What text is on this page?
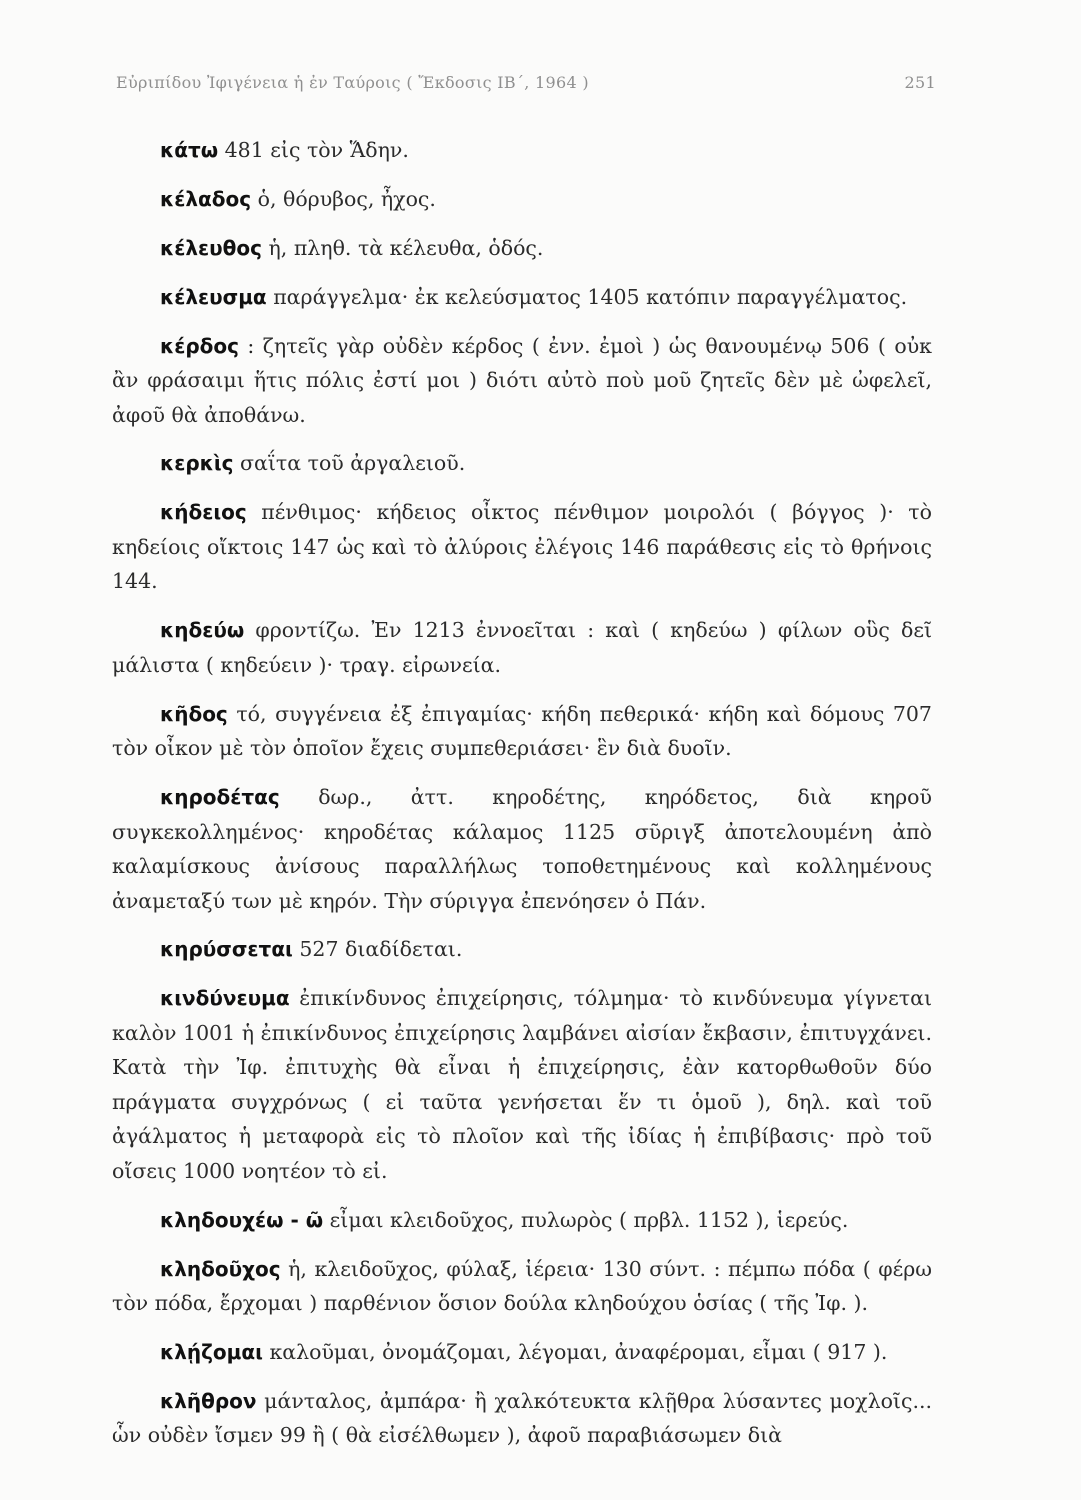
Εὐριπίδου Ἰφιγένεια ἡ ἐν Ταύροις ( Ἔκδοσις ΙΒ΄, 1964 )	251

κάτω 481 εἰς τὸν Ἅδην.

κέλαδος ὁ, θόρυβος, ἦχος.

κέλευθος ἡ, πληθ. τὰ κέλευθα, ὁδός.

κέλευσμα παράγγελμα· ἐκ κελεύσματος 1405 κατόπιν παραγγέλματος.

κέρδος : ζητεῖς γὰρ οὐδὲν κέρδος ( ἐνν. ἐμοὶ ) ὡς θανουμένῳ 506 ( οὐκ ἂν φράσαιμι ἥτις πόλις ἐστί μοι ) διότι αὐτὸ ποὺ μοῦ ζητεῖς δὲν μὲ ὠφελεῖ, ἀφοῦ θὰ ἀποθάνω.

κερκὶς σαΐτα τοῦ ἀργαλειοῦ.

κήδειος πένθιμος· κήδειος οἶκτος πένθιμον μοιρολόι ( βόγγος )· τὸ κηδείοις οἴκτοις 147 ὡς καὶ τὸ ἀλύροις ἐλέγοις 146 παράθεσις εἰς τὸ θρήνοις 144.

κηδεύω φροντίζω. Ἐν 1213 ἐννοεῖται : καὶ ( κηδεύω ) φίλων οὓς δεῖ μάλιστα ( κηδεύειν )· τραγ. εἰρωνεία.

κῆδος τό, συγγένεια ἐξ ἐπιγαμίας· κήδη πεθερικά· κήδη καὶ δόμους 707 τὸν οἶκον μὲ τὸν ὁποῖον ἔχεις συμπεθεριάσει· ἓν διὰ δυοῖν.

κηροδέτας δωρ., ἀττ. κηροδέτης, κηρόδετος, διὰ κηροῦ συγκεκολλημένος· κηροδέτας κάλαμος 1125 σῦριγξ ἀποτελουμένη ἀπὸ καλαμίσκους ἀνίσους παραλλήλως τοποθετημένους καὶ κολλημένους ἀναμεταξύ των μὲ κηρόν. Τὴν σύριγγα ἐπενόησεν ὁ Πάν.

κηρύσσεται 527 διαδίδεται.

κινδύνευμα ἐπικίνδυνος ἐπιχείρησις, τόλμημα· τὸ κινδύνευμα γίγνεται καλὸν 1001 ἡ ἐπικίνδυνος ἐπιχείρησις λαμβάνει αἰσίαν ἔκβασιν, ἐπιτυγχάνει. Κατὰ τὴν Ἰφ. ἐπιτυχὴς θὰ εἶναι ἡ ἐπιχείρησις, ἐὰν κατορθωθοῦν δύο πράγματα συγχρόνως ( εἰ ταῦτα γενήσεται ἕν τι ὁμοῦ ), δηλ. καὶ τοῦ ἀγάλματος ἡ μεταφορὰ εἰς τὸ πλοῖον καὶ τῆς ἰδίας ἡ ἐπιβίβασις· πρὸ τοῦ οἴσεις 1000 νοητέον τὸ εἰ.

κληδουχέω - ῶ εἶμαι κλειδοῦχος, πυλωρὸς ( πρβλ. 1152 ), ἱερεύς.

κληδοῦχος ἡ, κλειδοῦχος, φύλαξ, ἱέρεια· 130 σύντ. : πέμπω πόδα ( φέρω τὸν πόδα, ἔρχομαι ) παρθένιον ὅσιον δούλα κληδούχου ὁσίας ( τῆς Ἰφ. ).

κλῄζομαι καλοῦμαι, ὀνομάζομαι, λέγομαι, ἀναφέρομαι, εἶμαι ( 917 ).

κλῆθρον μάνταλος, ἀμπάρα· ἢ χαλκότευκτα κλῇθρα λύσαντες μοχλοῖς... ὧν οὐδὲν ἴσμεν 99 ἢ ( θὰ εἰσέλθωμεν ), ἀφοῦ παραβιάσωμεν διὰ
